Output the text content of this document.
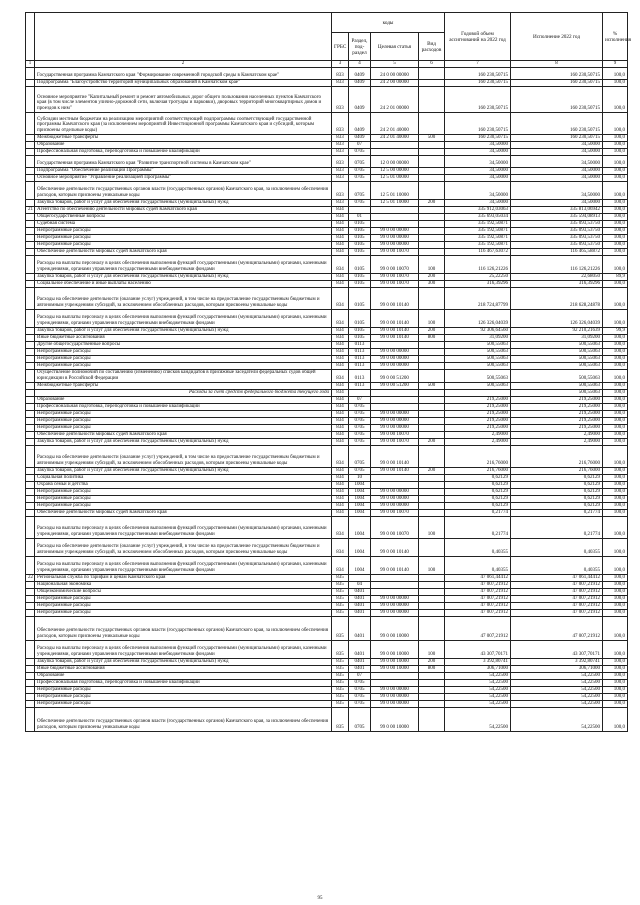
		коды				Годовой объем ассигнований на 2022 год	Исполнение 2022 год	% исполнения
		ГРБС	Раздел, под-раздел	Целевая статья	Вид расходов			
1	2	3	4	5	6	7	8	9
	Государственная программа Камчатского края "Формирование современной городской среды в Камчатском крае"	833	0409	24 0 00 00000		160 230,50715	160 230,50715	100,0
	Подпрограмма "Благоустройство территорий муниципальных образований в Камчатском крае"	833	0409	24 2 00 00000		160 230,50715	160 230,50715	100,0
	Основное мероприятие "Капитальный ремонт и ремонт автомобильных дорог общего пользования населенных пунктов Камчатского края (в том числе элементов улично-дорожной сети, включая тротуары и парковки), дворовых территорий многоквартирных домов и проездов к ним"	833	0409	24 2 01 00000		160 230,50715	160 230,50715	100,0
	Субсидии местным бюджетам на реализацию мероприятий соответствующей подпрограммы соответствующей государственной программы Камчатского края (за исключением мероприятий Инвестиционной программы Камчатского края и субсидий, которым присвоены отдельные коды)	833	0409	24 2 01 40000		160 230,50715	160 230,50715	100,0
	Межбюджетные трансферты	833	0409	24 2 01 40000	500	160 230,50715	160 230,50715	100,0
	Образование	833	07			34,50000	34,50000	100,0
	Профессиональная подготовка, переподготовка и повышение квалификации	833	0705			34,50000	34,50000	100,0
	Государственная программа Камчатского края "Развитие транспортной системы в Камчатском крае"	833	0705	12 0 00 00000		34,50000	34,50000	100,0
	Подпрограмма "Обеспечение реализации Программы"	833	0705	12 5 00 00000		34,50000	34,50000	100,0
	Основное мероприятие "Управление реализацией Программы"	833	0705	12 5 01 00000		34,50000	34,50000	100,0
	Обеспечение деятельности государственных органов власти (государственных органов) Камчатского края, за исключением обеспечения расходов, которым присвоены уникальные коды	833	0705	12 5 01 10000		34,50000	34,50000	100,0
	Закупка товаров, работ и услуг для обеспечения государственных (муниципальных) нужд	833	0705	12 5 01 10000	200	34,50000	34,50000	100,0
21	Агентство по обеспечению деятельности мировых судей Камчатского края	834				335 912,03063	335 813,06942	100,0
	Общегосударственные вопросы	834	01			335 693,05034	335 594,08913	100,0
	Судебная система	834	0105			335 192,50871	335 093,53750	100,0
	Непрограммные расходы	834	0105	99 0 00 00000		335 192,50871	335 093,53750	100,0
	Непрограммные расходы	834	0105	99 0 00 00000		335 192,50871	335 093,53750	100,0
	Непрограммные расходы	834	0105	99 0 00 00000		335 192,50871	335 093,53750	100,0
	Обеспечение деятельности мировых судей Камчатского края	834	0105	99 0 00 10070		116 467,63072	116 465,58872	100,0
	Расходы на выплаты персоналу в целях обеспечения выполнения функций государственными (муниципальными) органами, казенными учреждениями, органами управления государственными внебюджетными фондами	834	0105	99 0 00 10070	100	116 126,21226	116 126,21226	100,0
	Закупка товаров, работ и услуг для обеспечения государственных (муниципальных) нужд	834	0105	99 0 00 10070	200	25,22250	22,68050	89,9
	Социальное обеспечение и иные выплаты населению	834	0105	99 0 00 10070	300	316,39296	316,39296	100,0
	Расходы на обеспечение деятельности (оказание услуг) учреждений, в том числе на предоставление государственным бюджетным и автономным учреждениям субсидий, за исключением обособленных расходов, которым присвоены уникальные коды	834	0105	99 0 00 10140		218 724,87799	218 628,24878	100,0
	Расходы на выплаты персоналу в целях обеспечения выполнения функций государственными (муниципальными) органами, казенными учреждениями, органами управления государственными внебюджетными фондами	834	0105	99 0 00 10140	100	126 326,04039	126 326,04039	100,0
	Закупка товаров, работ и услуг для обеспечения государственных (муниципальных) нужд	834	0105	99 0 00 10140	200	92 306,64560	92 210,21639	99,9
	Иные бюджетные ассигнования	834	0105	99 0 00 10140	800	31,09200	31,09200	100,0
	Другие общегосударственные вопросы	834	0113			500,55063	500,55063	100,0
	Непрограммные расходы	834	0113	99 0 00 00000		500,55063	500,55063	100,0
	Непрограммные расходы	834	0113	99 0 00 00000		500,55063	500,55063	100,0
	Непрограммные расходы	834	0113	99 0 00 00000		500,55063	500,55063	100,0
	Осуществление полномочий по составлению (изменению) списков кандидатов в присяжные заседатели федеральных судов общей юрисдикции в Российской Федерации	834	0113	99 0 00 51200		500,55063	500,55063	100,0
	Межбюджетные трансферты	834	0113	99 0 00 51200	500	500,55063	500,55063	100,0
	Расходы за счет средств федерального бюджета текущего года	834					500,55063	100,0
	Образование	834	07			219,25000	219,25000	100,0
	Профессиональная подготовка, переподготовка и повышение квалификации	834	0705			219,25000	219,25000	100,0
	Непрограммные расходы	834	0705	99 0 00 00000		219,25000	219,25000	100,0
	Непрограммные расходы	834	0705	99 0 00 00000		219,25000	219,25000	100,0
	Непрограммные расходы	834	0705	99 0 00 00000		219,25000	219,25000	100,0
	Обеспечение деятельности мировых судей Камчатского края	834	0705	99 0 00 10070		2,49000	2,49000	100,0
	Закупка товаров, работ и услуг для обеспечения государственных (муниципальных) нужд	834	0705	99 0 00 10070	200	2,49000	2,49000	100,0
	Расходы на обеспечение деятельности (оказание услуг) учреждений, в том числе на предоставление государственным бюджетным и автономным учреждениям субсидий, за исключением обособленных расходов, которым присвоены уникальные коды	834	0705	99 0 00 10140		216,76000	216,76000	100,0
	Закупка товаров, работ и услуг для обеспечения государственных (муниципальных) нужд	834	0705	99 0 00 10140	200	216,76000	216,76000	100,0
	Социальная политика	834	10			0,62129	0,62129	100,0
	Охрана семьи и детства	834	1004			0,62129	0,62129	100,0
	Непрограммные расходы	834	1004	99 0 00 00000		0,62129	0,62129	100,0
	Непрограммные расходы	834	1004	99 0 00 00000		0,62129	0,62129	100,0
	Непрограммные расходы	834	1004	99 0 00 00000		0,62129	0,62129	100,0
	Обеспечение деятельности мировых судей Камчатского края	834	1004	99 0 00 10070		0,21774	0,21774	100,0
	Расходы на выплаты персоналу в целях обеспечения выполнения функций государственными (муниципальными) органами, казенными учреждениями, органами управления государственными внебюджетными фондами	834	1004	99 0 00 10070	100	0,21774	0,21774	100,0
	Расходы на обеспечение деятельности (оказание услуг) учреждений, в том числе на предоставление государственным бюджетным и автономным учреждениям субсидий, за исключением обособленных расходов, которым присвоены уникальные коды	834	1004	99 0 00 10140		0,40355	0,40355	100,0
	Расходы на выплаты персоналу в целях обеспечения выполнения функций государственными (муниципальными) органами, казенными учреждениями, органами управления государственными внебюджетными фондами	834	1004	99 0 00 10140	100	0,40355	0,40355	100,0
22	Региональная служба по тарифам и ценам Камчатского края	835				47 061,44412	47 061,44412	100,0
	Национальная экономика	835	04			47 007,21912	47 007,21912	100,0
	Общеэкономические вопросы	835	0401			47 007,21912	47 007,21912	100,0
	Непрограммные расходы	835	0401	99 0 00 00000		47 007,21912	47 007,21912	100,0
	Непрограммные расходы	835	0401	99 0 00 00000		47 007,21912	47 007,21912	100,0
	Непрограммные расходы	835	0401	99 0 00 00000		47 007,21912	47 007,21912	100,0
	Обеспечение деятельности государственных органов власти (государственных органов) Камчатского края, за исключением обеспечения расходов, которым присвоены уникальные коды	835	0401	99 0 00 10000		47 007,21912	47 007,21912	100,0
	Расходы на выплаты персоналу в целях обеспечения выполнения функций государственными (муниципальными) органами, казенными учреждениями, органами управления государственными внебюджетными фондами	835	0401	99 0 00 10000	100	43 307,70171	43 307,70171	100,0
	Закупка товаров, работ и услуг для обеспечения государственных (муниципальных) нужд	835	0401	99 0 00 10000	200	3 392,80741	3 392,80741	100,0
	Иные бюджетные ассигнования	835	0401	99 0 00 10000	800	306,71000	306,71000	100,0
	Образование	835	07			54,22500	54,22500	100,0
	Профессиональная подготовка, переподготовка и повышение квалификации	835	0705			54,22500	54,22500	100,0
	Непрограммные расходы	835	0705	99 0 00 00000		54,22500	54,22500	100,0
	Непрограммные расходы	835	0705	99 0 00 00000		54,22500	54,22500	100,0
	Непрограммные расходы	835	0705	99 0 00 00000		54,22500	54,22500	100,0
	Обеспечение деятельности государственных органов власти (государственных органов) Камчатского края, за исключением обеспечения расходов, которым присвоены уникальные коды	835	0705	99 0 00 10000		54,22500	54,22500	100,0
95
